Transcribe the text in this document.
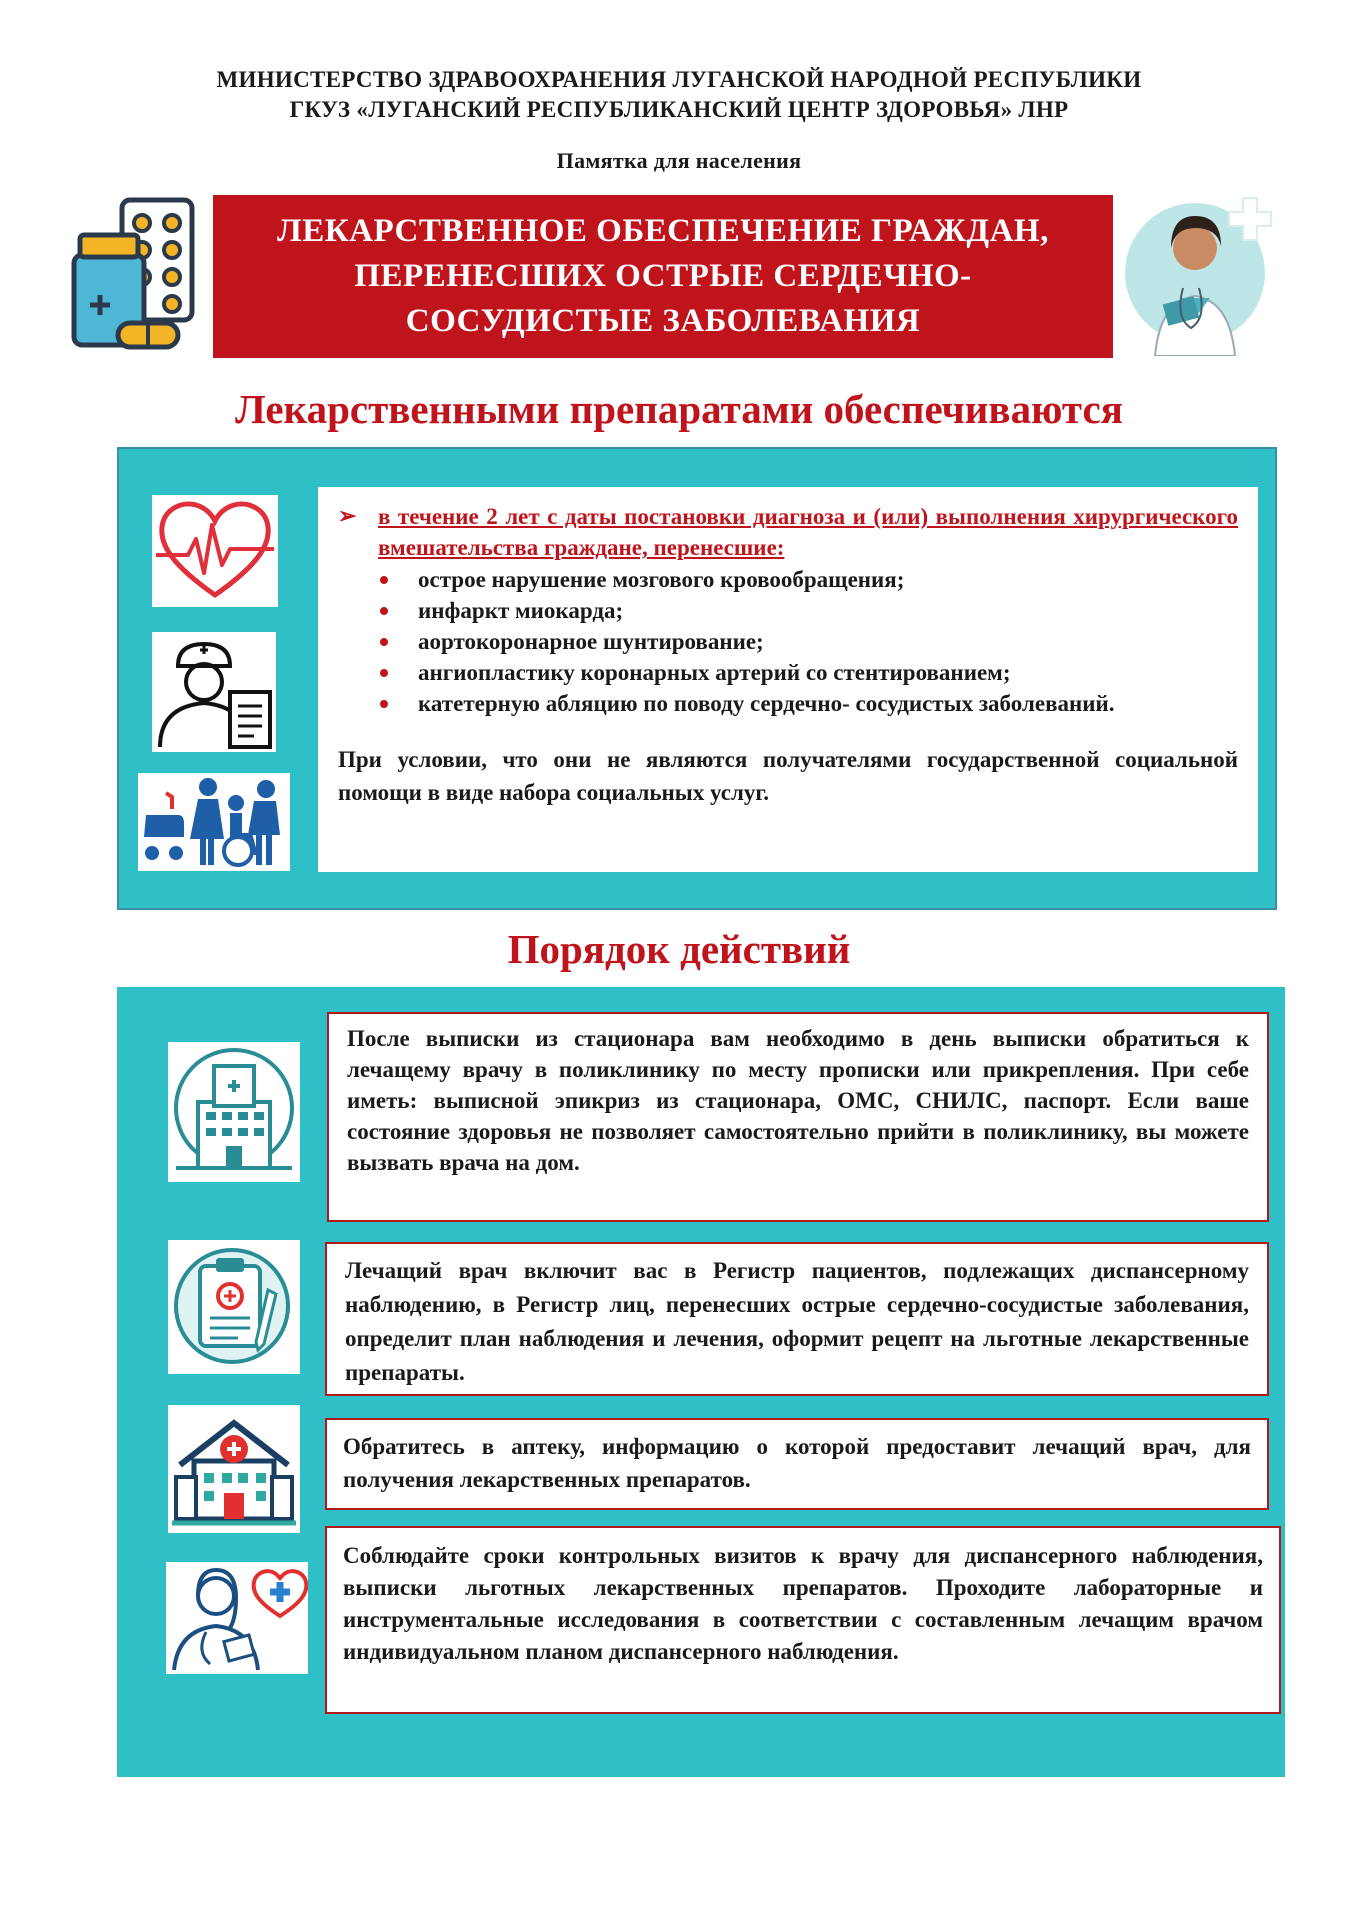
МИНИСТЕРСТВО ЗДРАВООХРАНЕНИЯ ЛУГАНСКОЙ НАРОДНОЙ РЕСПУБЛИКИ
ГКУЗ «ЛУГАНСКИЙ РЕСПУБЛИКАНСКИЙ ЦЕНТР ЗДОРОВЬЯ» ЛНР
Памятка для населения
ЛЕКАРСТВЕННОЕ ОБЕСПЕЧЕНИЕ ГРАЖДАН,
ПЕРЕНЕСШИХ ОСТРЫЕ СЕРДЕЧНО-
СОСУДИСТЫЕ ЗАБОЛЕВАНИЯ
Лекарственными препаратами обеспечиваются
➢ в течение 2 лет с даты постановки диагноза и (или) выполнения хирургического вмешательства граждане, перенесшие:
острое нарушение мозгового кровообращения;
инфаркт миокарда;
аортокоронарное шунтирование;
ангиопластику коронарных артерий со стентированием;
катетерную абляцию по поводу сердечно- сосудистых заболеваний.
При условии, что они не являются получателями государственной социальной помощи в виде набора социальных услуг.
Порядок действий
После выписки из стационара вам необходимо в день выписки обратиться к лечащему врачу в поликлинику по месту прописки или прикрепления. При себе иметь: выписной эпикриз из стационара, ОМС, СНИЛС, паспорт. Если ваше состояние здоровья не позволяет самостоятельно прийти в поликлинику, вы можете вызвать врача на дом.
Лечащий врач включит вас в Регистр пациентов, подлежащих диспансерному наблюдению, в Регистр лиц, перенесших острые сердечно-сосудистые заболевания, определит план наблюдения и лечения, оформит рецепт на льготные лекарственные препараты.
Обратитесь в аптеку, информацию о которой предоставит лечащий врач, для получения лекарственных препаратов.
Соблюдайте сроки контрольных визитов к врачу для диспансерного наблюдения, выписки льготных лекарственных препаратов. Проходите лабораторные и инструментальные исследования в соответствии с составленным лечащим врачом индивидуальном планом диспансерного наблюдения.
